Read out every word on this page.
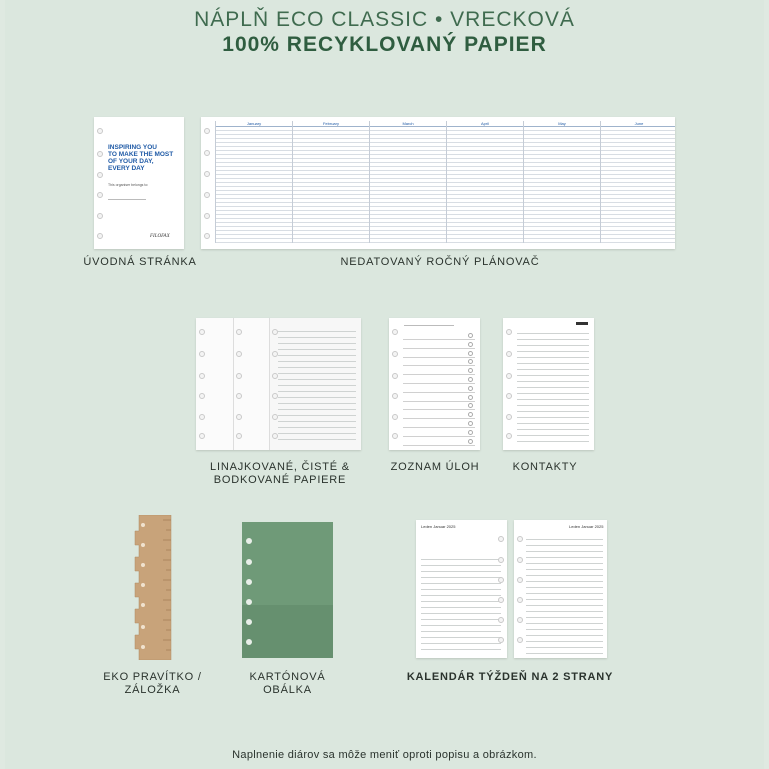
NÁPLŇ ECO CLASSIC • VRECKOVÁ
100% RECYKLOVANÝ PAPIER
INSPIRING YOU
TO MAKE THE MOST
OF YOUR DAY,
EVERY DAY
This organiser belongs to:
FILOFAX
ÚVODNÁ STRÁNKA
January	February	March	April	May	June
NEDATOVANÝ ROČNÝ PLÁNOVAČ
LINAJKOVANÉ, ČISTÉ &
BODKOVANÉ PAPIERE
ZOZNAM ÚLOH	KONTAKTY
EKO PRAVÍTKO /
ZÁLOŽKA
KARTÓNOVÁ
OBÁLKA
Leden Januar 2025	Leden Januar 2025
KALENDÁR TÝŽDEŇ NA 2 STRANY
Naplnenie diárov sa môže meniť oproti popisu a obrázkom.
